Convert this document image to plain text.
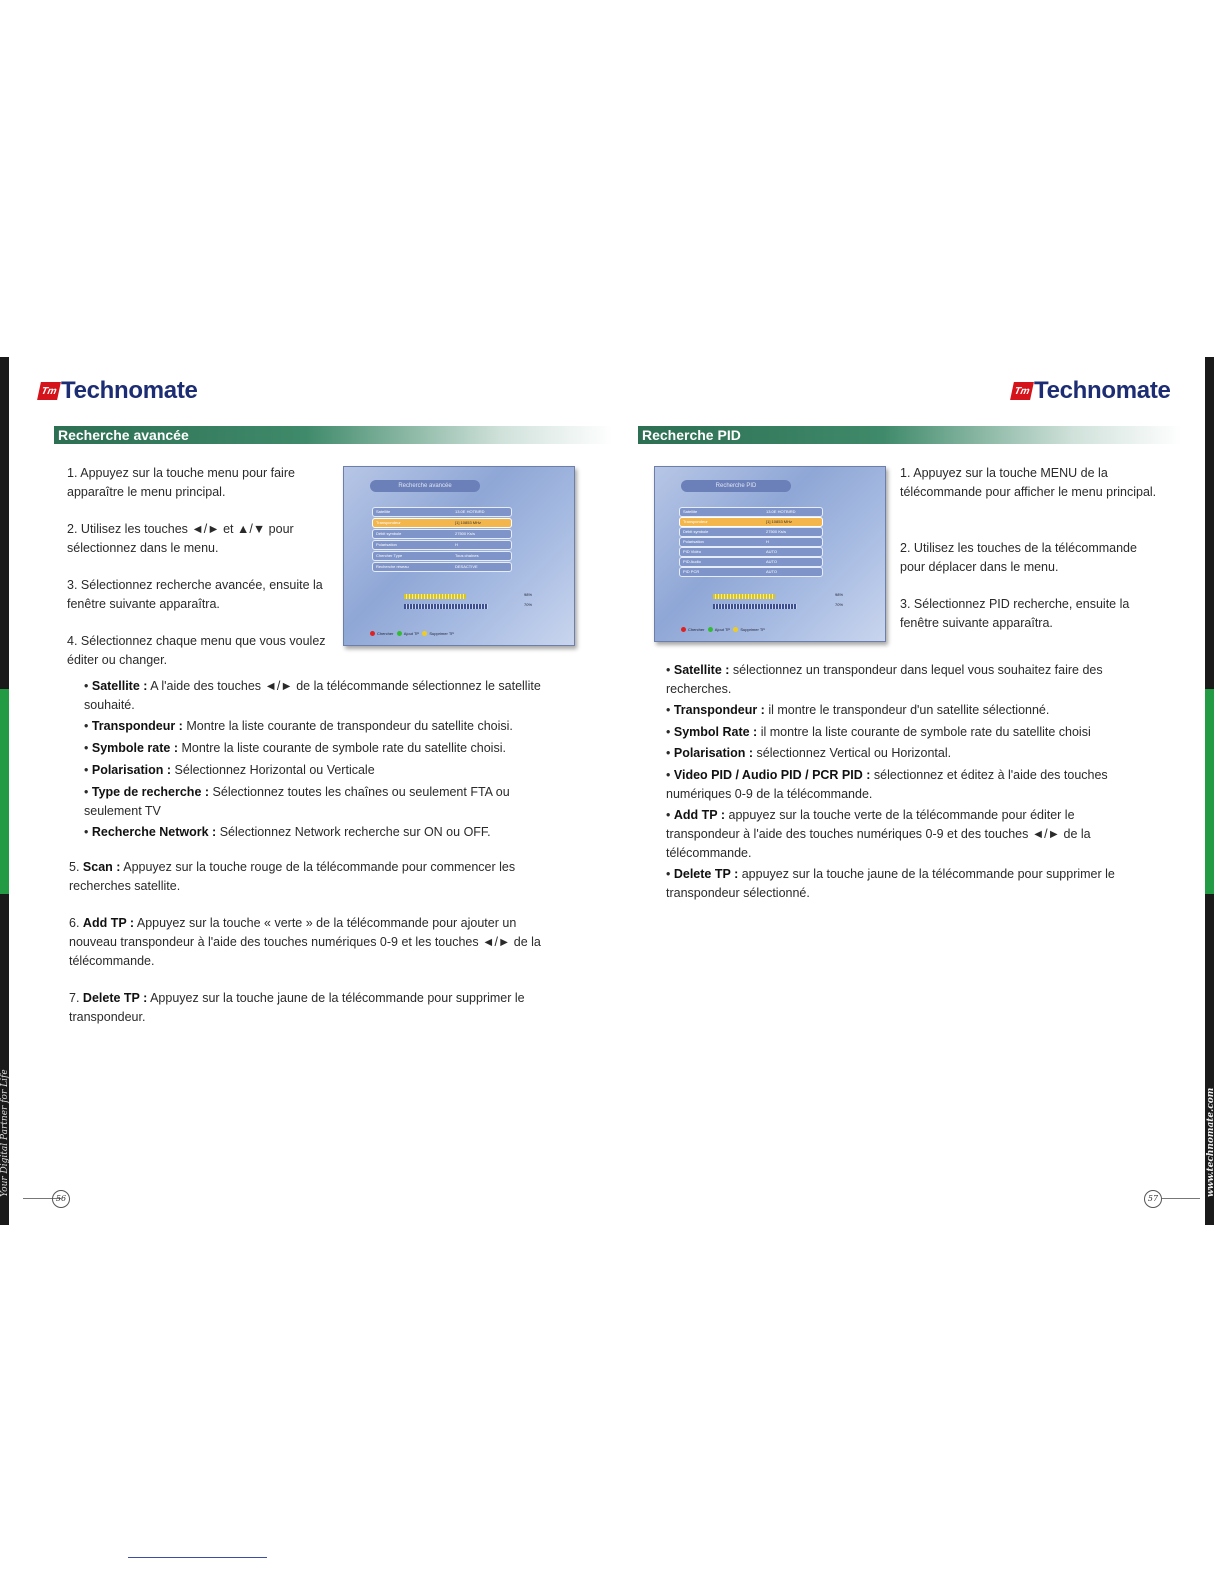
Your Digital Partner for Life	www.technomate.com
Tm Technomate
Recherche avancée
1. Appuyez sur la touche menu pour faire apparaître le menu principal.
2. Utilisez les touches ◄/► et ▲/▼ pour sélectionnez dans le menu.
3. Sélectionnez recherche avancée, ensuite la fenêtre suivante apparaîtra.
4. Sélectionnez chaque menu que vous voulez éditer ou changer.
Recherche avancée
Satellite	13.0E HOTBIRD
Transpondeur	[1] 10853 MHz
Débit symbole	27500 Ks/s
Polarisation	H
Chercher Type	Tous chaînes
Recherche réseau	DESACTIVE
98%
70%
Chercher	Ajout TP	Supprimer TP
• Satellite : A l'aide des touches ◄/► de la télécommande sélectionnez le satellite souhaité.
• Transpondeur : Montre la liste courante de transpondeur du satellite choisi.
• Symbole rate : Montre la liste courante de symbole rate du satellite choisi.
• Polarisation : Sélectionnez Horizontal ou Verticale
• Type de recherche : Sélectionnez toutes les chaînes ou seulement FTA ou seulement TV
• Recherche Network : Sélectionnez Network recherche sur ON ou OFF.
5. Scan : Appuyez sur la touche rouge de la télécommande pour commencer les recherches satellite.
6. Add TP : Appuyez sur la touche « verte » de la télécommande pour ajouter un nouveau transpondeur à l'aide des touches numériques 0-9 et les touches ◄/► de la télécommande.
7. Delete TP : Appuyez sur la touche jaune de la télécommande pour supprimer le transpondeur.
56
Tm Technomate
Recherche PID
Recherche PID
Satellite	13.0E HOTBIRD
Transpondeur	[1] 10853 MHz
Débit symbole	27500 Ks/s
Polarisation	H
PID Vidéo	AUTO
PID Audio	AUTO
PID PCR	AUTO
98%
70%
Chercher	Ajout TP	Supprimer TP
1. Appuyez sur la touche MENU de la télécommande pour afficher le menu principal.
2. Utilisez les touches de la télécommande pour déplacer dans le menu.
3. Sélectionnez PID recherche, ensuite la fenêtre suivante apparaîtra.
• Satellite : sélectionnez un transpondeur dans lequel vous souhaitez faire des recherches.
• Transpondeur : il montre le transpondeur d'un satellite sélectionné.
• Symbol Rate : il montre la liste courante de symbole rate du satellite choisi
• Polarisation : sélectionnez Vertical ou Horizontal.
• Video PID / Audio PID / PCR PID : sélectionnez et éditez à l'aide des touches numériques 0-9 de la télécommande.
• Add TP : appuyez sur la touche verte de la télécommande pour éditer le transpondeur à l'aide des touches numériques 0-9 et des touches ◄/► de la télécommande.
• Delete TP : appuyez sur la touche jaune de la télécommande pour supprimer le transpondeur sélectionné.
57
